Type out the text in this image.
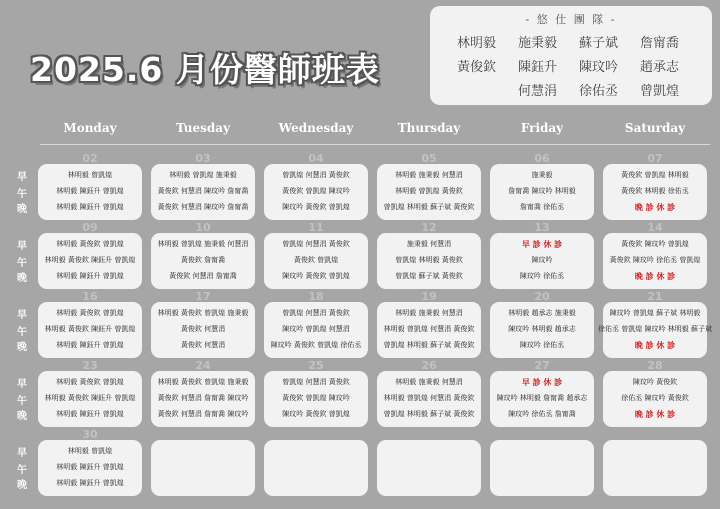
2025.6 月份醫師班表
- 悠 仕 團 隊 -
林明毅 施秉毅 蘇子斌 詹甯喬
黃俊欽 陳鈺升 陳玟吟 趙承志
何慧涓 徐佑丞 曾凱煌
Monday	Tuesday	Wednesday	Thursday	Friday	Saturday
早
午
晚
02
林明毅 曾凱煌
林明毅 陳鈺升 曾凱煌
林明毅 陳鈺升 曾凱煌
03
林明毅 曾凱煌 施秉毅
黃俊欽 何慧涓 陳玟吟 詹甯喬
黃俊欽 何慧涓 陳玟吟 詹甯喬
04
曾凱煌 何慧涓 黃俊欽
黃俊欽 曾凱煌 陳玟吟
陳玟吟 黃俊欽 曾凱煌
05
林明毅 施秉毅 何慧涓
林明毅 曾凱煌 黃俊欽
曾凱煌 林明毅 蘇子斌 黃俊欽
06
施秉毅
詹甯喬 陳玟吟 林明毅
詹甯喬 徐佑丞
07
黃俊欽 曾凱煌 林明毅
黃俊欽 林明毅 徐佑丞
晚 診 休 診
早
午
晚
09
林明毅 黃俊欽 曾凱煌
林明毅 黃俊欽 陳鈺升 曾凱煌
林明毅 陳鈺升 曾凱煌
10
林明毅 曾凱煌 施秉毅 何慧涓
黃俊欽 詹甯喬
黃俊欽 何慧涓 詹甯喬
11
曾凱煌 何慧涓 黃俊欽
黃俊欽 曾凱煌
陳玟吟 黃俊欽 曾凱煌
12
施秉毅 何慧涓
曾凱煌 林明毅 黃俊欽
曾凱煌 蘇子斌 黃俊欽
13
早 診 休 診
陳玟吟
陳玟吟 徐佑丞
14
黃俊欽 陳玟吟 曾凱煌
黃俊欽 陳玟吟 徐佑丞 曾凱煌
晚 診 休 診
早
午
晚
16
林明毅 黃俊欽 曾凱煌
林明毅 黃俊欽 陳鈺升 曾凱煌
林明毅 陳鈺升 曾凱煌
17
林明毅 黃俊欽 曾凱煌 施秉毅
黃俊欽 何慧涓
黃俊欽 何慧涓
18
曾凱煌 何慧涓 黃俊欽
陳玟吟 曾凱煌 何慧涓
陳玟吟 黃俊欽 曾凱煌 徐佑丞
19
林明毅 施秉毅 何慧涓
林明毅 曾凱煌 何慧涓 黃俊欽
曾凱煌 林明毅 蘇子斌 黃俊欽
20
林明毅 趙承志 施秉毅
陳玟吟 林明毅 趙承志
陳玟吟 徐佑丞
21
陳玟吟 曾凱煌 蘇子斌 林明毅
徐佑丞 曾凱煌 陳玟吟 林明毅 蘇子斌
晚 診 休 診
早
午
晚
23
林明毅 黃俊欽 曾凱煌
林明毅 黃俊欽 陳鈺升 曾凱煌
林明毅 陳鈺升 曾凱煌
24
林明毅 黃俊欽 曾凱煌 施秉毅
黃俊欽 何慧涓 詹甯喬 陳玟吟
黃俊欽 何慧涓 詹甯喬 陳玟吟
25
曾凱煌 何慧涓 黃俊欽
黃俊欽 曾凱煌 陳玟吟
陳玟吟 黃俊欽 曾凱煌
26
林明毅 施秉毅 何慧涓
林明毅 曾凱煌 何慧涓 黃俊欽
曾凱煌 林明毅 蘇子斌 黃俊欽
27
早 診 休 診
陳玟吟 林明毅 詹甯喬 趙承志
陳玟吟 徐佑丞 詹甯喬
28
陳玟吟 黃俊欽
徐佑丞 陳玟吟 黃俊欽
晚 診 休 診
早
午
晚
30
林明毅 曾凱煌
林明毅 陳鈺升 曾凱煌
林明毅 陳鈺升 曾凱煌
